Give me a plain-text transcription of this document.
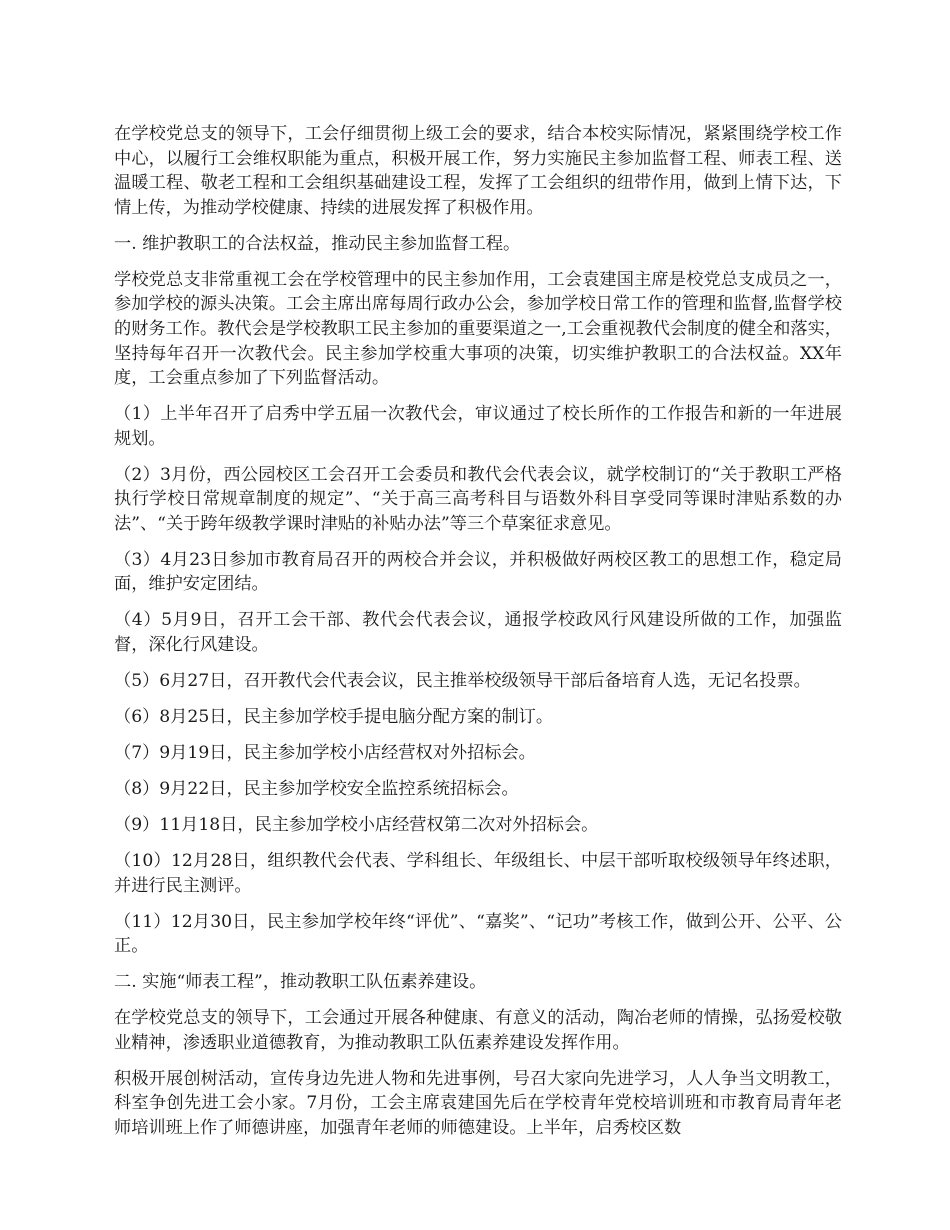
在学校党总支的领导下，工会仔细贯彻上级工会的要求，结合本校实际情况，紧紧围绕学校工作中心，以履行工会维权职能为重点，积极开展工作，努力实施民主参加监督工程、师表工程、送温暖工程、敬老工程和工会组织基础建设工程，发挥了工会组织的纽带作用，做到上情下达，下情上传，为推动学校健康、持续的进展发挥了积极作用。

一. 维护教职工的合法权益，推动民主参加监督工程。

学校党总支非常重视工会在学校管理中的民主参加作用，工会袁建国主席是校党总支成员之一，参加学校的源头决策。工会主席出席每周行政办公会，参加学校日常工作的管理和监督,监督学校的财务工作。教代会是学校教职工民主参加的重要渠道之一,工会重视教代会制度的健全和落实，坚持每年召开一次教代会。民主参加学校重大事项的决策，切实维护教职工的合法权益。XX年度，工会重点参加了下列监督活动。

（1）上半年召开了启秀中学五届一次教代会，审议通过了校长所作的工作报告和新的一年进展规划。

（2）3月份，西公园校区工会召开工会委员和教代会代表会议，就学校制订的“关于教职工严格执行学校日常规章制度的规定”、“关于高三高考科目与语数外科目享受同等课时津贴系数的办法”、“关于跨年级教学课时津贴的补贴办法”等三个草案征求意见。

（3）4月23日参加市教育局召开的两校合并会议，并积极做好两校区教工的思想工作，稳定局面，维护安定团结。

（4）5月9日，召开工会干部、教代会代表会议，通报学校政风行风建设所做的工作，加强监督，深化行风建设。

（5）6月27日，召开教代会代表会议，民主推举校级领导干部后备培育人选，无记名投票。

（6）8月25日，民主参加学校手提电脑分配方案的制订。

（7）9月19日，民主参加学校小店经营权对外招标会。

（8）9月22日，民主参加学校安全监控系统招标会。

（9）11月18日，民主参加学校小店经营权第二次对外招标会。

（10）12月28日，组织教代会代表、学科组长、年级组长、中层干部听取校级领导年终述职，并进行民主测评。

（11）12月30日，民主参加学校年终“评优”、“嘉奖”、“记功”考核工作，做到公开、公平、公正。

二. 实施“师表工程”，推动教职工队伍素养建设。

在学校党总支的领导下，工会通过开展各种健康、有意义的活动，陶冶老师的情操，弘扬爱校敬业精神，渗透职业道德教育，为推动教职工队伍素养建设发挥作用。

积极开展创树活动，宣传身边先进人物和先进事例，号召大家向先进学习，人人争当文明教工，科室争创先进工会小家。7月份，工会主席袁建国先后在学校青年党校培训班和市教育局青年老师培训班上作了师德讲座，加强青年老师的师德建设。上半年，启秀校区数
